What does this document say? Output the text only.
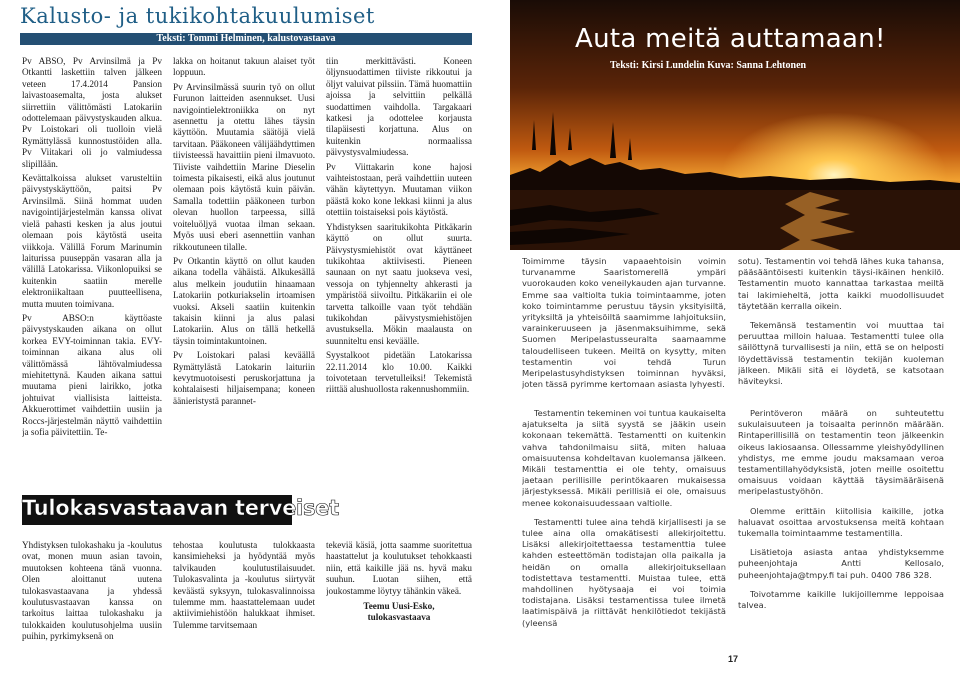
Kalusto- ja tukikohtakuulumiset
Teksti: Tommi Helminen, kalustovastaava

Pv ABSO, Pv Arvinsilmä ja Pv Otkantti laskettiin talven jälkeen veteen 17.4.2014 Pansion laivastoasemalta, josta alukset siirrettiin välittömästi Latokariin odottelemaan päivystyskauden alkua. Pv Loistokari oli tuolloin vielä Rymättylässä kunnostustöiden alla. Pv Viitakari oli jo valmiudessa slipillään.

Kevättalkoissa alukset varusteltiin päivystyskäyttöön, paitsi Pv Arvinsilmä. Siinä hommat uuden navigointijärjestelmän kanssa olivat vielä pahasti kesken ja alus joutui olemaan pois käytöstä useita viikkoja. Välillä Forum Marinumin laiturissa puuseppän vasaran alla ja välillä Latokarissa. Viikonlopuiksi se kuitenkin saatiin merelle elektroniikaltaan puutteellisena, mutta muuten toimivana.

Pv ABSO:n käyttöaste päivystyskauden aikana on ollut korkea EVY-toiminnan takia. EVY-toiminnan aikana alus oli välittömässä lähtövalmiudessa miehitettynä. Kauden aikana sattui muutama pieni lairikko, jotka johtuivat viallisista laitteista. Akkuerottimet vaihdettiin uusiin ja Roccs-järjestelmän näyttö vaihdettiin ja sofia päivitettiin. Te-

lakka on hoitanut takuun alaiset työt loppuun.

Pv Arvinsilmässä suurin työ on ollut Furunon laitteiden asennukset. Uusi navigointielektroniikka on nyt asennettu ja otettu lähes täysin käyttöön. Muutamia säätöjä vielä tarvitaan. Pääkoneen välijäähdyttimen tiivisteessä havaittiin pieni ilmavuoto. Tiiviste vaihdettiin Marine Dieselin toimesta pikaisesti, eikä alus joutunut olemaan pois käytöstä kuin päivän. Samalla todettiin pääkoneen turbon olevan huollon tarpeessa, sillä voiteluöljyä vuotaa ilman sekaan. Myös uusi eberi asennettiin vanhan rikkoutuneen tilalle.

Pv Otkantin käyttö on ollut kauden aikana todella vähäistä. Alkukesällä alus melkein joudutiin hinaamaan Latokariin potkuriakselin irtoamisen vuoksi. Akseli saatiin kuitenkin takaisin kiinni ja alus palasi Latokariin. Alus on tällä hetkellä täysin toimintakuntoinen.

Pv Loistokari palasi keväällä Rymättylästä Latokarin laituriin kevytmuotoisesti peruskorjattuna ja kohtalaisesti hiljaisempana; koneen äänieristystä parannet-

tiin merkittävästi. Koneen öljynsuodattimen tiiviste rikkoutui ja öljyt valuivat pilssiin. Tämä huomattiin ajoissa ja selvittiin pelkällä suodattimen vaihdolla. Targakaari katkesi ja odottelee korjausta tilapäisesti korjattuna. Alus on kuitenkin normaalissa päivystysvalmiudessa.

Pv Viittakarin kone hajosi vaihteistostaan, perä vaihdettiin uuteen vähän käytettyyn. Muutaman viikon päästä koko kone lekkasi kiinni ja alus otettiin toistaiseksi pois käytöstä.

Yhdistyksen saaritukikohta Pitkäkarin käyttö on ollut suurta. Päivystysmiehistöt ovat käyttäneet tukikohtaa aktiivisesti. Pieneen saunaan on nyt saatu juokseva vesi, vessoja on tyhjennelty ahkerasti ja ympäristöä siivoiltu. Pitkäkariin ei ole tarvetta talkoille vaan työt tehdään tukikohdan päivystysmiehistöjen avustuksella. Mökin maalausta on suunniteltu ensi keväälle.

Syystalkoot pidetään Latokarissa 22.11.2014 klo 10.00. Kaikki toivotetaan tervetulleiksi! Tekemistä riittää alushuollosta rakennushommiin.

Tulokasvastaavan terveiset

Yhdistyksen tulokashaku ja -koulutus ovat, monen muun asian tavoin, muutoksen kohteena tänä vuonna. Olen aloittanut uutena tulokasvastaavana ja yhdessä koulutusvastaavan kanssa on tarkoitus laittaa tulokashaku ja tulokkaiden koulutusohjelma uusiin puihin, pyrkimyksenä on

tehostaa koulutusta tulokkaasta kansimieheksi ja hyödyntää myös talvikauden koulutustilaisuudet. Tulokasvalinta ja -koulutus siirtyvät keväästä syksyyn, tulokasvalinnoissa tulemme mm. haastattelemaan uudet aktiivimiehistöön halukkaat ihmiset. Tulemme tarvitsemaan

tekeviä käsiä, jotta saamme suoritettua haastattelut ja koulutukset tehokkaasti niin, että kaikille jää ns. hyvä maku suuhun. Luotan siihen, että joukostamme löytyy tähänkin väkeä.

Teemu Uusi-Esko,
tulokasvastaava
Auta meitä auttamaan!
Teksti: Kirsi Lundelin Kuva: Sanna Lehtonen

Toimimme täysin vapaaehtoisin voimin turvanamme Saaristomerellä ympäri vuorokauden koko veneilykauden ajan turvanne. Emme saa valtiolta tukia toimintaamme, joten koko toimintamme perustuu täysin yksityisiltä, yrityksiltä ja yhteisöiltä saamimme lahjoituksiin, varainkeruuseen ja jäsenmaksuihimme, sekä Suomen Meripelastusseuralta saamaamme taloudelliseen tukeen. Meiltä on kysytty, miten testamentin voi tehdä Turun Meripelastusyhdistyksen toiminnan hyväksi, joten tässä pyrimme kertomaan asiasta lyhyesti.

sotu). Testamentin voi tehdä lähes kuka tahansa, pääsääntöisesti kuitenkin täysi-ikäinen henkilö. Testamentin muoto kannattaa tarkastaa meiltä tai lakimieheltä, jotta kaikki muodollisuudet täytetään kerralla oikein.

Tekemänsä testamentin voi muuttaa tai peruuttaa milloin haluaa. Testamentti tulee olla säilöttynä turvallisesti ja niin, että se on helposti löydettävissä testamentin tekijän kuoleman jälkeen. Mikäli sitä ei löydetä, se katsotaan häviteyksi.

Testamentin tekeminen voi tuntua kaukaiselta ajatukselta ja siitä syystä se jääkin usein kokonaan tekemättä. Testamentti on kuitenkin vahva tahdonilmaisu siitä, miten haluaa omaisuutensa kohdeltavan kuolemansa jälkeen. Mikäli testamenttia ei ole tehty, omaisuus jaetaan perillisille perintökaaren mukaisessa järjestyksessä. Mikäli perillisiä ei ole, omaisuus menee kokonaisuudessaan valtiolle.

Testamentti tulee aina tehdä kirjallisesti ja se tulee aina olla omakätisesti allekirjoitettu. Lisäksi allekirjoitettaessa testamenttia tulee kahden esteettömän todistajan olla paikalla ja heidän on omalla allekirjoituksellaan todistettava testamentti. Muistaa tulee, että mahdollinen hyötysaaja ei voi toimia todistajana. Lisäksi testamentissa tulee ilmetä laatimispäivä ja riittävät henkilötiedot tekijästä (yleensä

Perintöveron määrä on suhteutettu sukulaisuuteen ja toisaalta perinnön määrään. Rintaperillisillä on testamentin teon jälkeenkin oikeus lakiosaansa. Ollessamme yleishyödyllinen yhdistys, me emme joudu maksamaan veroa testamentillahyödyksistä, joten meille osoitettu omaisuus voidaan käyttää täysimääräisenä meripelastustyöhön.

Olemme erittäin kiitollisia kaikille, jotka haluavat osoittaa arvostuksensa meitä kohtaan tukemalla toimintaamme testamentilla.

Lisätietoja asiasta antaa yhdistyksemme puheenjohtaja Antti Kellosalo, puheenjohtaja@tmpy.fi tai puh. 0400 786 328.

Toivotamme kaikille lukijoillemme leppoisaa talvea.

17
